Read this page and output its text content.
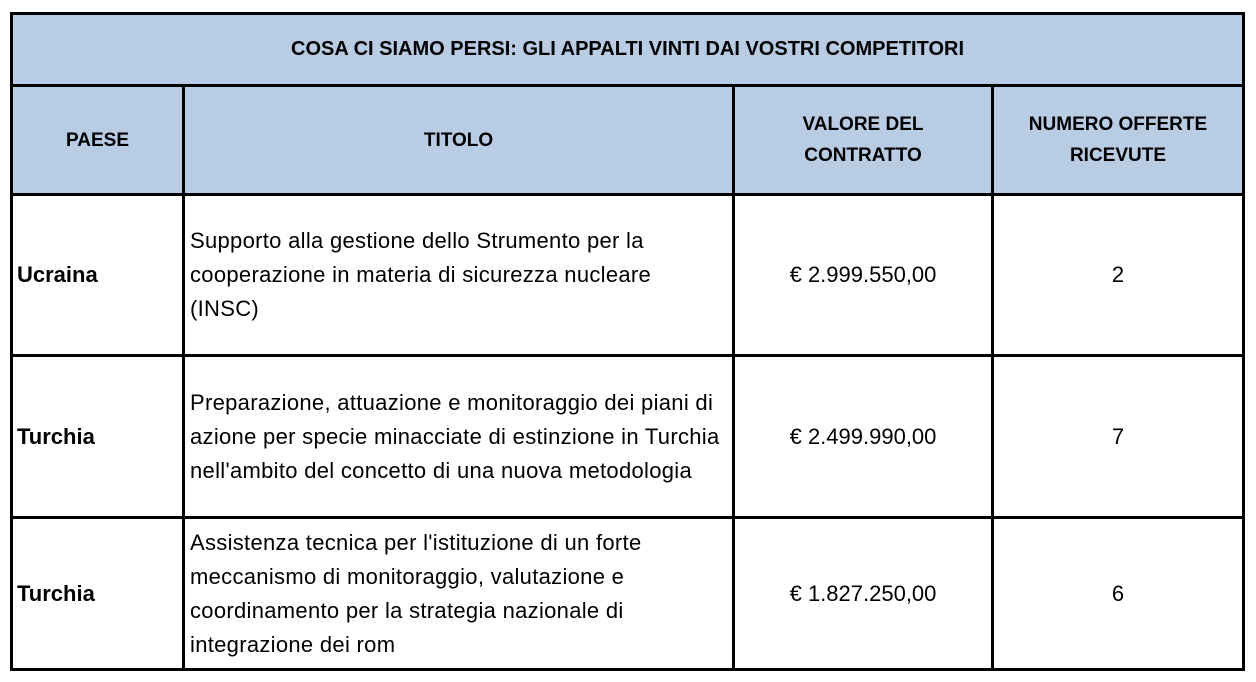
COSA CI SIAMO PERSI: GLI APPALTI VINTI DAI VOSTRI COMPETITORI			
PAESE	TITOLO	VALORE DEL CONTRATTO	NUMERO OFFERTE RICEVUTE
Ucraina	Supporto alla gestione dello Strumento per la cooperazione in materia di sicurezza nucleare (INSC)	€ 2.999.550,00	2
Turchia	Preparazione, attuazione e monitoraggio dei piani di azione per specie minacciate di estinzione in Turchia nell'ambito del concetto di una nuova metodologia	€ 2.499.990,00	7
Turchia	Assistenza tecnica per l'istituzione di un forte meccanismo di monitoraggio, valutazione e coordinamento per la strategia nazionale di integrazione dei rom	€ 1.827.250,00	6
